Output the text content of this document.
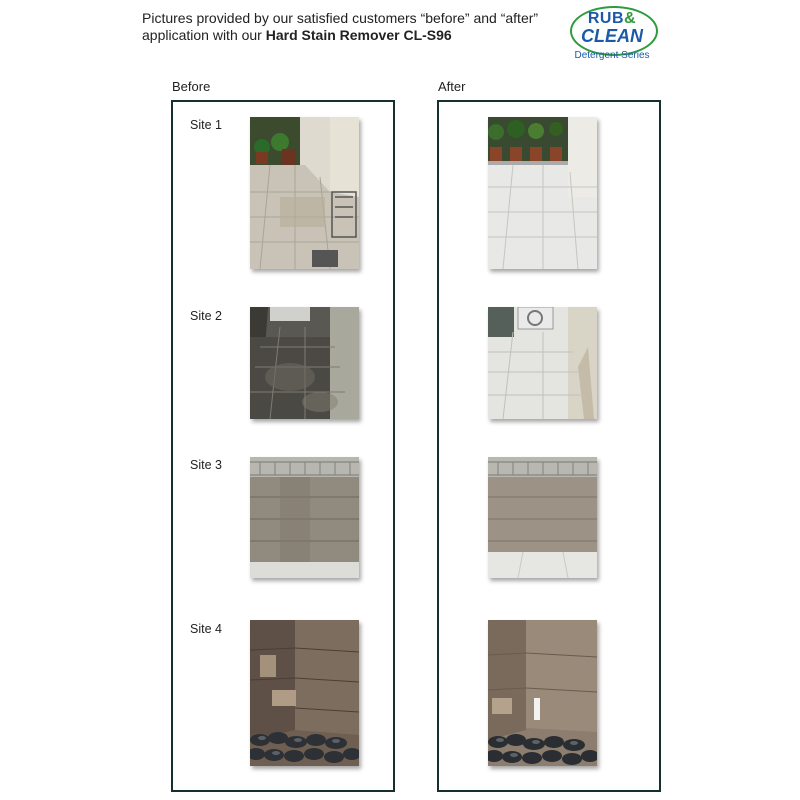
Pictures provided by our satisfied customers “before” and “after”
application with our Hard Stain Remover CL-S96
RUB&
CLEAN
Detergent Series
Before	After
Site 1
Site 2
Site 3
Site 4
